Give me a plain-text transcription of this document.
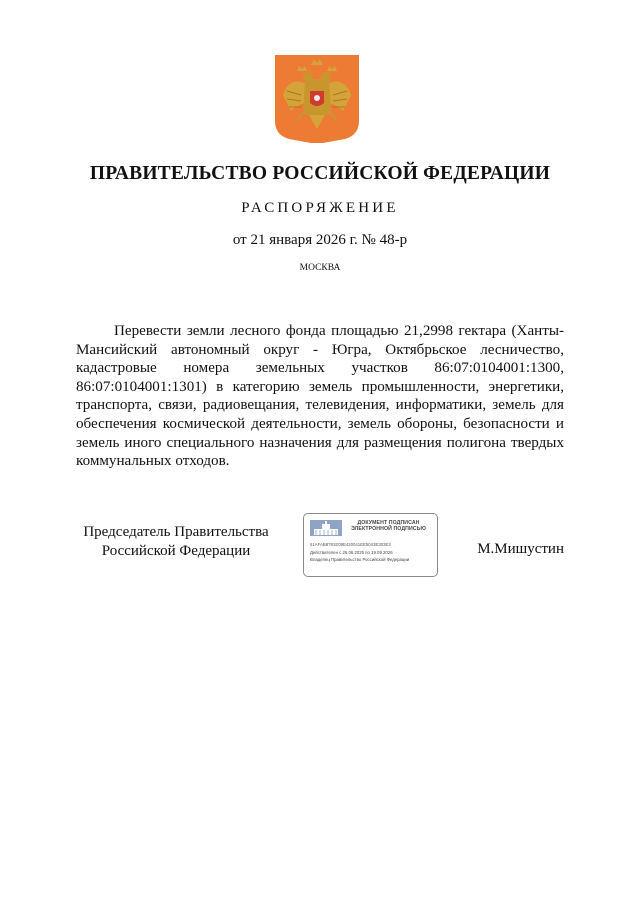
ПРАВИТЕЛЬСТВО РОССИЙСКОЙ ФЕДЕРАЦИИ
РАСПОРЯЖЕНИЕ
от 21 января 2026 г. № 48-р
МОСКВА

Перевести земли лесного фонда площадью 21,2998 гектара (Ханты-Мансийский автономный округ - Югра, Октябрьское лесничество, кадастровые номера земельных участков 86:07:0104001:1300, 86:07:0104001:1301) в категорию земель промышленности, энергетики, транспорта, связи, радиовещания, телевидения, информатики, земель для обеспечения космической деятельности, земель обороны, безопасности и земель иного специального назначения для размещения полигона твердых коммунальных отходов.

Председатель Правительства
Российской Федерации
ДОКУМЕНТ ПОДПИСАН
ЭЛЕКТРОННОЙ ПОДПИСЬЮ
51AFAB8781E09E420041EE5043E303E3
Действителен с 26.06.2025 по 19.09.2026
Владелец Правительство Российской Федерации
М.Мишустин
